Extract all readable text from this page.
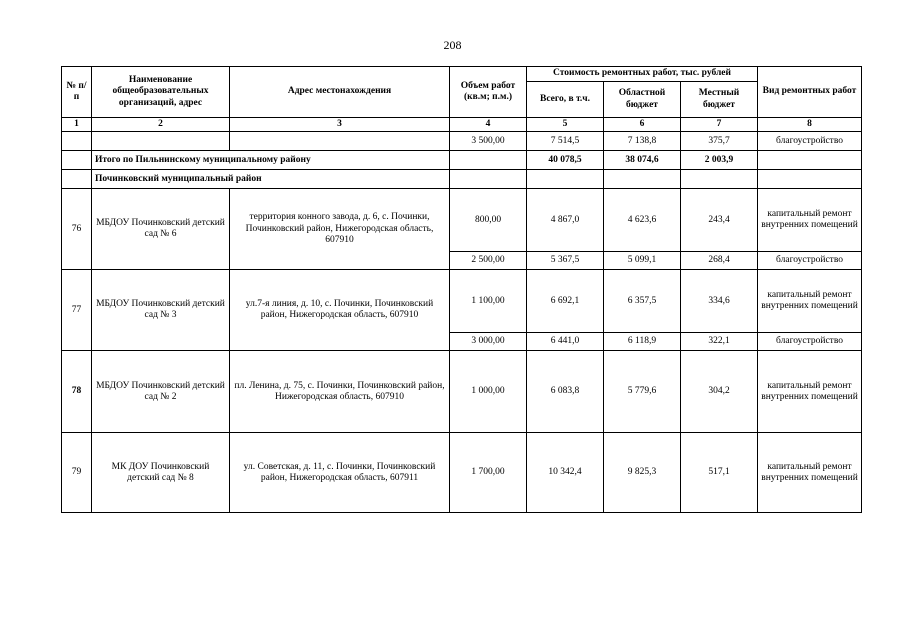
208
№ п/п	Наименование общеобразовательных организаций, адрес	Адрес местонахождения	Объем работ (кв.м; п.м.)	Стоимость ремонтных работ, тыс. рублей			Вид ремонтных работ
				Всего, в т.ч.	Областной бюджет	Местный бюджет	
1	2	3	4	5	6	7	8
			3 500,00	7 514,5	7 138,8	375,7	благоустройство
	Итого по Пильнинскому муниципальному району			40 078,5	38 074,6	2 003,9	
	Починковский муниципальный район						
76	МБДОУ Починковский детский сад № 6	территория конного завода, д. 6, с. Починки, Починковский район, Нижегородская область, 607910	800,00	4 867,0	4 623,6	243,4	капитальный ремонт внутренних помещений
			2 500,00	5 367,5	5 099,1	268,4	благоустройство
77	МБДОУ Починковский детский сад № 3	ул.7-я линия, д. 10, с. Починки, Починковский район, Нижегородская область, 607910	1 100,00	6 692,1	6 357,5	334,6	капитальный ремонт внутренних помещений
			3 000,00	6 441,0	6 118,9	322,1	благоустройство
78	МБДОУ Починковский детский сад № 2	пл. Ленина, д. 75, с. Починки, Починковский район, Нижегородская область, 607910	1 000,00	6 083,8	5 779,6	304,2	капитальный ремонт внутренних помещений
79	МК ДОУ Починковский детский сад № 8	ул. Советская, д. 11, с. Починки, Починковский район, Нижегородская область, 607911	1 700,00	10 342,4	9 825,3	517,1	капитальный ремонт внутренних помещений
